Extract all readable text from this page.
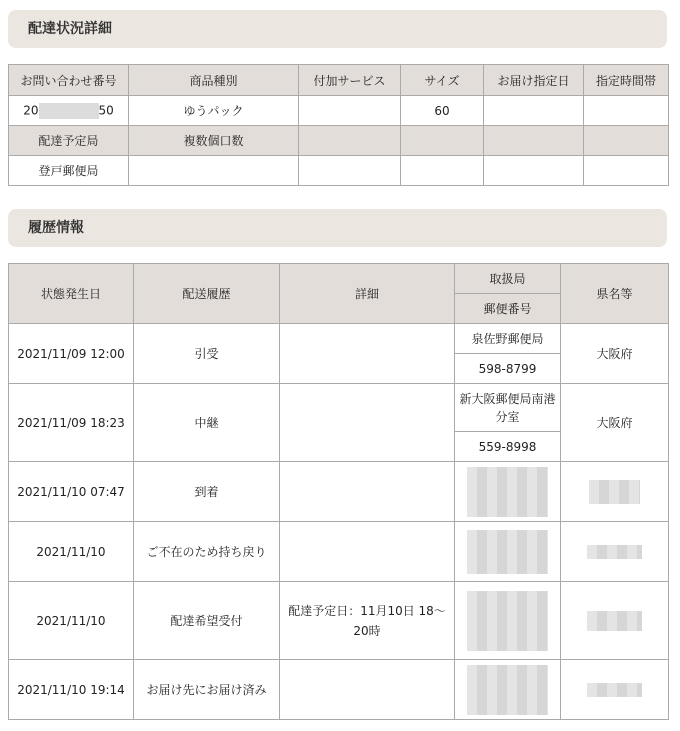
配達状況詳細
お問い合わせ番号	商品種別	付加サービス	サイズ	お届け指定日	指定時間帯
20 50	ゆうパック		60		
配達予定局	複数個口数				
登戸郵便局					
履歴情報
状態発生日	配送履歴	詳細	取扱局	県名等
			郵便番号	
2021/11/09 12:00	引受		泉佐野郵便局	大阪府
			598-8799	
2021/11/09 18:23	中継		新大阪郵便局南港分室	大阪府
			559-8998	
2021/11/10 07:47	到着		

2021/11/10	ご不在のため持ち戻り		

2021/11/10	配達希望受付	配達予定日：11月10日 18〜20時	

2021/11/10 19:14	お届け先にお届け済み		
